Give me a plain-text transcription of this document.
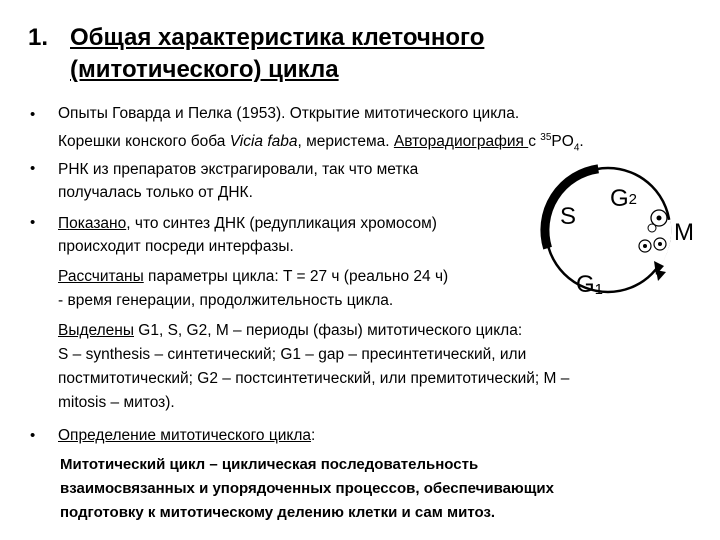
1. Общая характеристика клеточного
(митотического) цикла
• Опыты Говарда и Пелка (1953). Открытие митотического цикла.
Корешки конского боба Vicia faba, меристема. Авторадиография с $^{35}PO_4$.
• РНК из препаратов экстрагировали, так что метка
получалась только от ДНК.
• Показано, что синтез ДНК (редупликация хромосом)
происходит посреди интерфазы.
Рассчитаны параметры цикла: T = 27 ч (реально 24 ч)
- время генерации, продолжительность цикла.
Выделены G1, S, G2, M – периоды (фазы) митотического цикла:
S – synthesis – синтетический; G1 – gap – пресинтетический, или
постмитотический; G2 – постсинтетический, или премитотический; M –
mitosis – митоз).
• Определение митотического цикла:
Митотический цикл – циклическая последовательность
взаимосвязанных и упорядоченных процессов, обеспечивающих
подготовку к митотическому делению клетки и сам митоз.
S
G2
M
G1
